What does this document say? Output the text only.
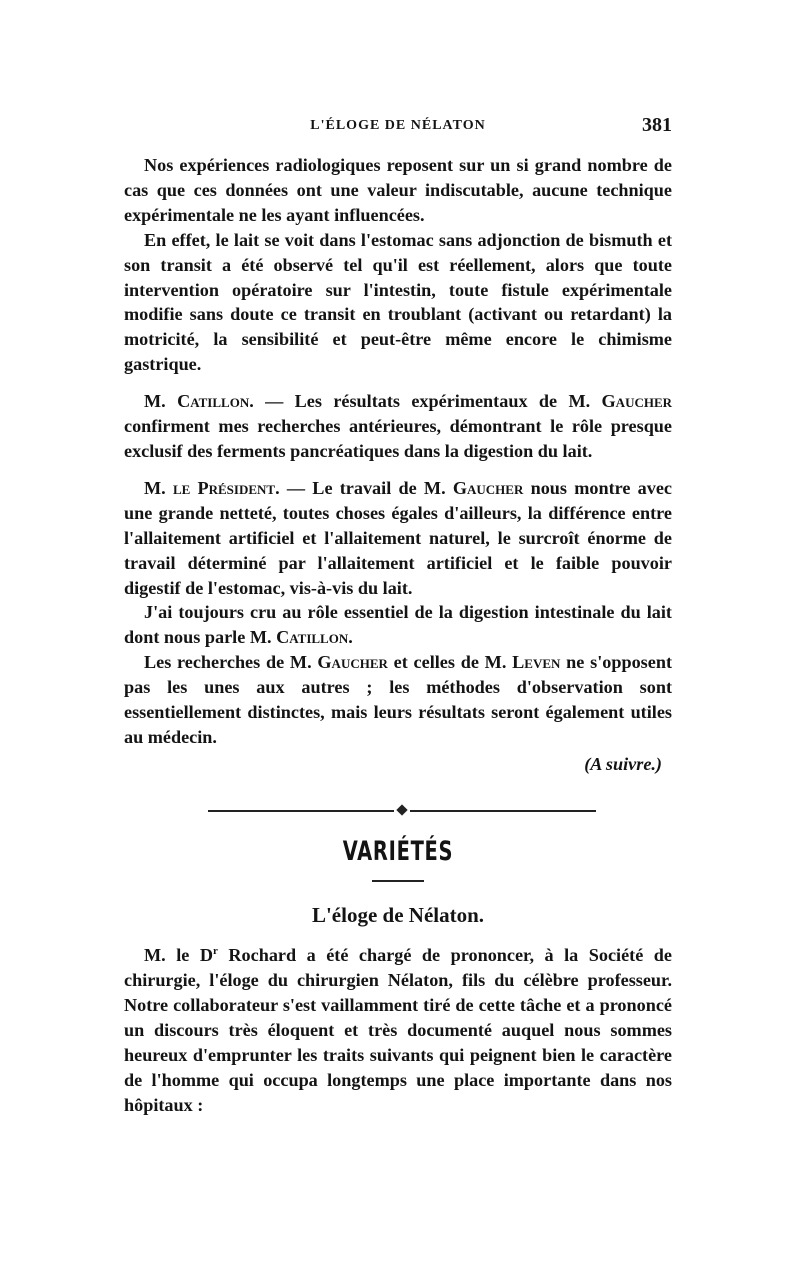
L'ÉLOGE DE NÉLATON	381

Nos expériences radiologiques reposent sur un si grand nombre de cas que ces données ont une valeur indiscutable, aucune technique expérimentale ne les ayant influencées.

En effet, le lait se voit dans l'estomac sans adjonction de bismuth et son transit a été observé tel qu'il est réellement, alors que toute intervention opératoire sur l'intestin, toute fistule expérimentale modifie sans doute ce transit en troublant (activant ou retardant) la motricité, la sensibilité et peut-être même encore le chimisme gastrique.

M. Catillon. — Les résultats expérimentaux de M. Gaucher confirment mes recherches antérieures, démontrant le rôle presque exclusif des ferments pancréatiques dans la digestion du lait.

M. le Président. — Le travail de M. Gaucher nous montre avec une grande netteté, toutes choses égales d'ailleurs, la différence entre l'allaitement artificiel et l'allaitement naturel, le surcroît énorme de travail déterminé par l'allaitement artificiel et le faible pouvoir digestif de l'estomac, vis-à-vis du lait.

J'ai toujours cru au rôle essentiel de la digestion intestinale du lait dont nous parle M. Catillon.

Les recherches de M. Gaucher et celles de M. Leven ne s'opposent pas les unes aux autres ; les méthodes d'observation sont essentiellement distinctes, mais leurs résultats seront également utiles au médecin.

(A suivre.)
VARIÉTÉS
L'éloge de Nélaton.

M. le $D^r$ Rochard a été chargé de prononcer, à la Société de chirurgie, l'éloge du chirurgien Nélaton, fils du célèbre professeur. Notre collaborateur s'est vaillamment tiré de cette tâche et a prononcé un discours très éloquent et très documenté auquel nous sommes heureux d'emprunter les traits suivants qui peignent bien le caractère de l'homme qui occupa longtemps une place importante dans nos hôpitaux :
